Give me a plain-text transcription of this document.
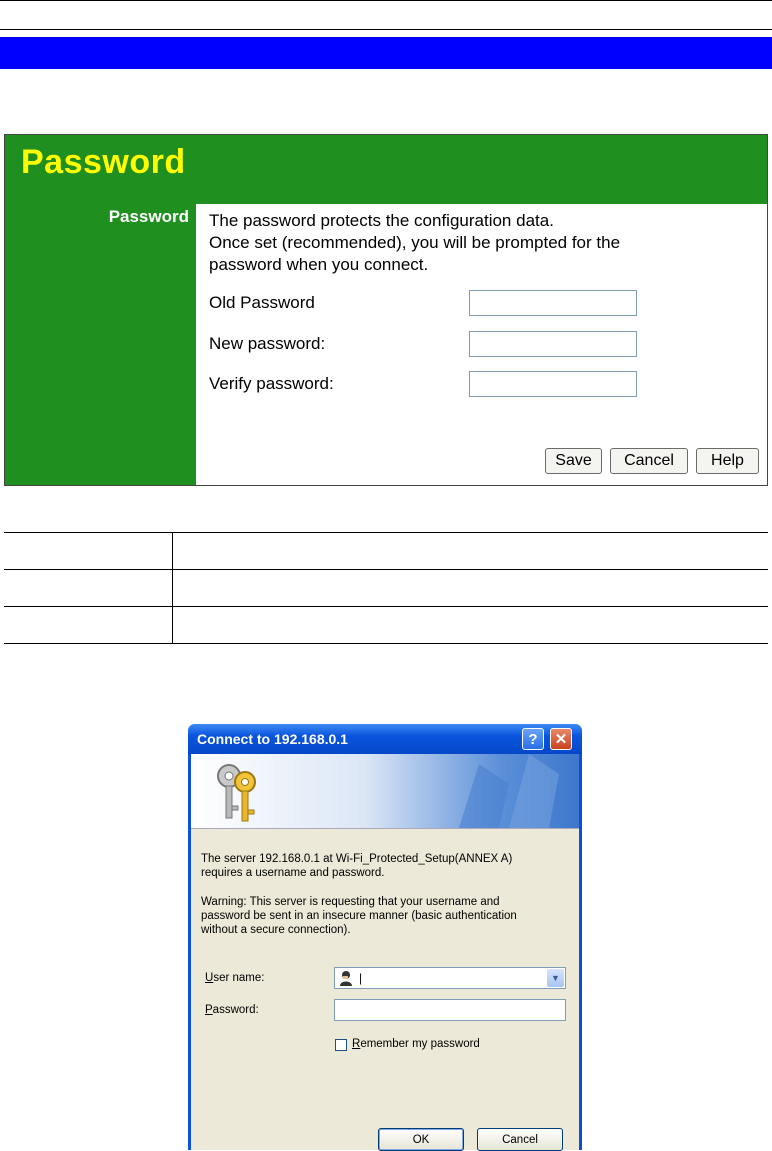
Password
Password The password protects the configuration data.
Once set (recommended), you will be prompted for the
password when you connect.
Old Password
New password:
Verify password:
Save	Cancel	Help

Connect to 192.168.0.1	?	✕
The server 192.168.0.1 at Wi-Fi_Protected_Setup(ANNEX A)
requires a username and password.
Warning: This server is requesting that your username and
password be sent in an insecure manner (basic authentication
without a secure connection).
User name:	|	▼
Password:
Remember my password
OK	Cancel
